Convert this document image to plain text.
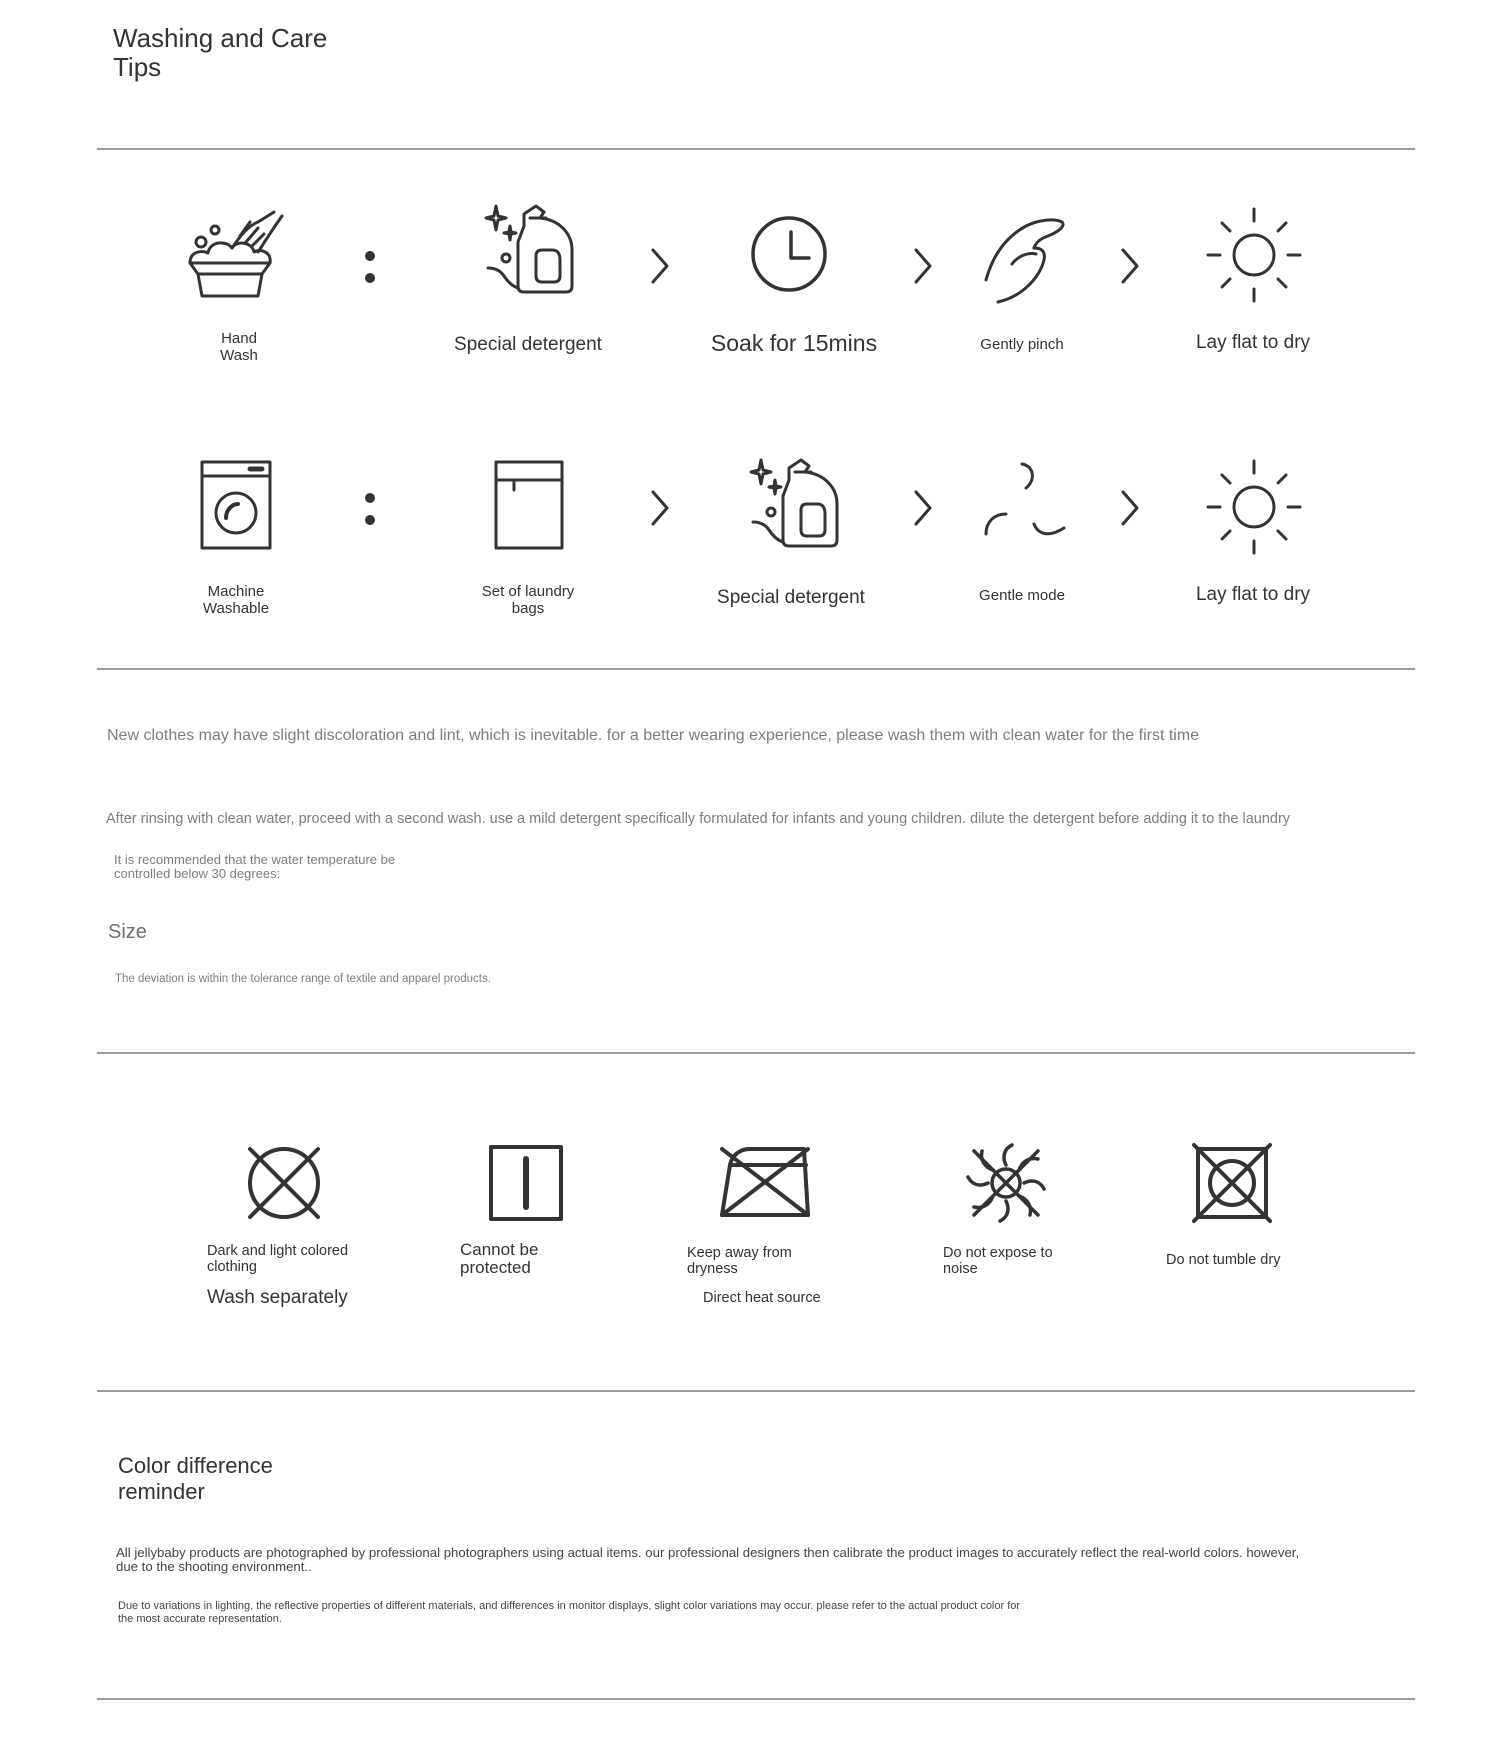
Washing and Care
Tips
Hand
Wash
Special detergent	Soak for 15mins	Gently pinch	Lay flat to dry
Machine
Washable
Set of laundry
bags
Special detergent	Gentle mode	Lay flat to dry
New clothes may have slight discoloration and lint, which is inevitable. for a better wearing experience, please wash them with clean water for the first time
After rinsing with clean water, proceed with a second wash. use a mild detergent specifically formulated for infants and young children. dilute the detergent before adding it to the laundry
It is recommended that the water temperature be
controlled below 30 degrees:
Size
The deviation is within the tolerance range of textile and apparel products.
Dark and light colored
clothing
Wash separately
Cannot be
protected
Keep away from
dryness
Direct heat source
Do not expose to
noise
Do not tumble dry
Color difference
reminder
All jellybaby products are photographed by professional photographers using actual items. our professional designers then calibrate the product images to accurately reflect the real-world colors. however,
due to the shooting environment..
Due to variations in lighting, the reflective properties of different materials, and differences in monitor displays, slight color variations may occur. please refer to the actual product color for
the most accurate representation.
